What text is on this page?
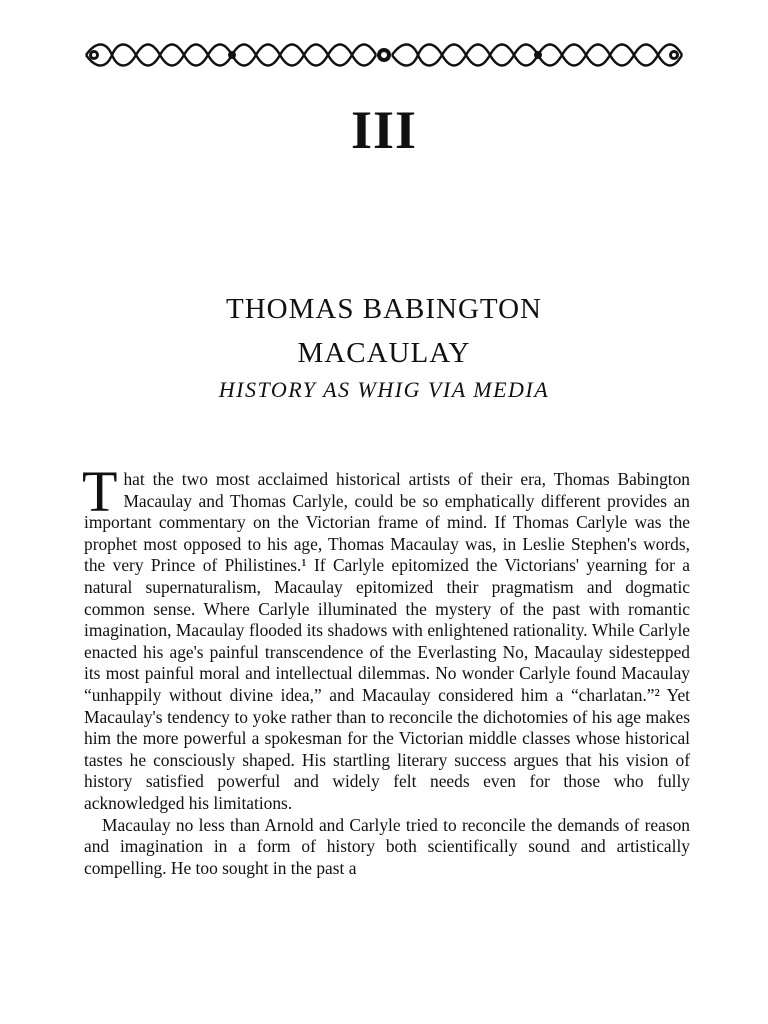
III
THOMAS BABINGTON
MACAULAY
HISTORY AS WHIG VIA MEDIA

That the two most acclaimed historical artists of their era, Thomas Babington Macaulay and Thomas Carlyle, could be so emphatically different provides an important commentary on the Victorian frame of mind. If Thomas Carlyle was the prophet most opposed to his age, Thomas Macaulay was, in Leslie Stephen's words, the very Prince of Philistines.¹ If Carlyle epitomized the Victorians' yearning for a natural supernaturalism, Macaulay epitomized their pragmatism and dogmatic common sense. Where Carlyle illuminated the mystery of the past with romantic imagination, Macaulay flooded its shadows with enlightened rationality. While Carlyle enacted his age's painful transcendence of the Everlasting No, Macaulay sidestepped its most painful moral and intellectual dilemmas. No wonder Carlyle found Macaulay “unhappily without divine idea,” and Macaulay considered him a “charlatan.”² Yet Macaulay's tendency to yoke rather than to reconcile the dichotomies of his age makes him the more powerful a spokesman for the Victorian middle classes whose historical tastes he consciously shaped. His startling literary success argues that his vision of history satisfied powerful and widely felt needs even for those who fully acknowledged his limitations.

Macaulay no less than Arnold and Carlyle tried to reconcile the demands of reason and imagination in a form of history both scientifically sound and artistically compelling. He too sought in the past a
